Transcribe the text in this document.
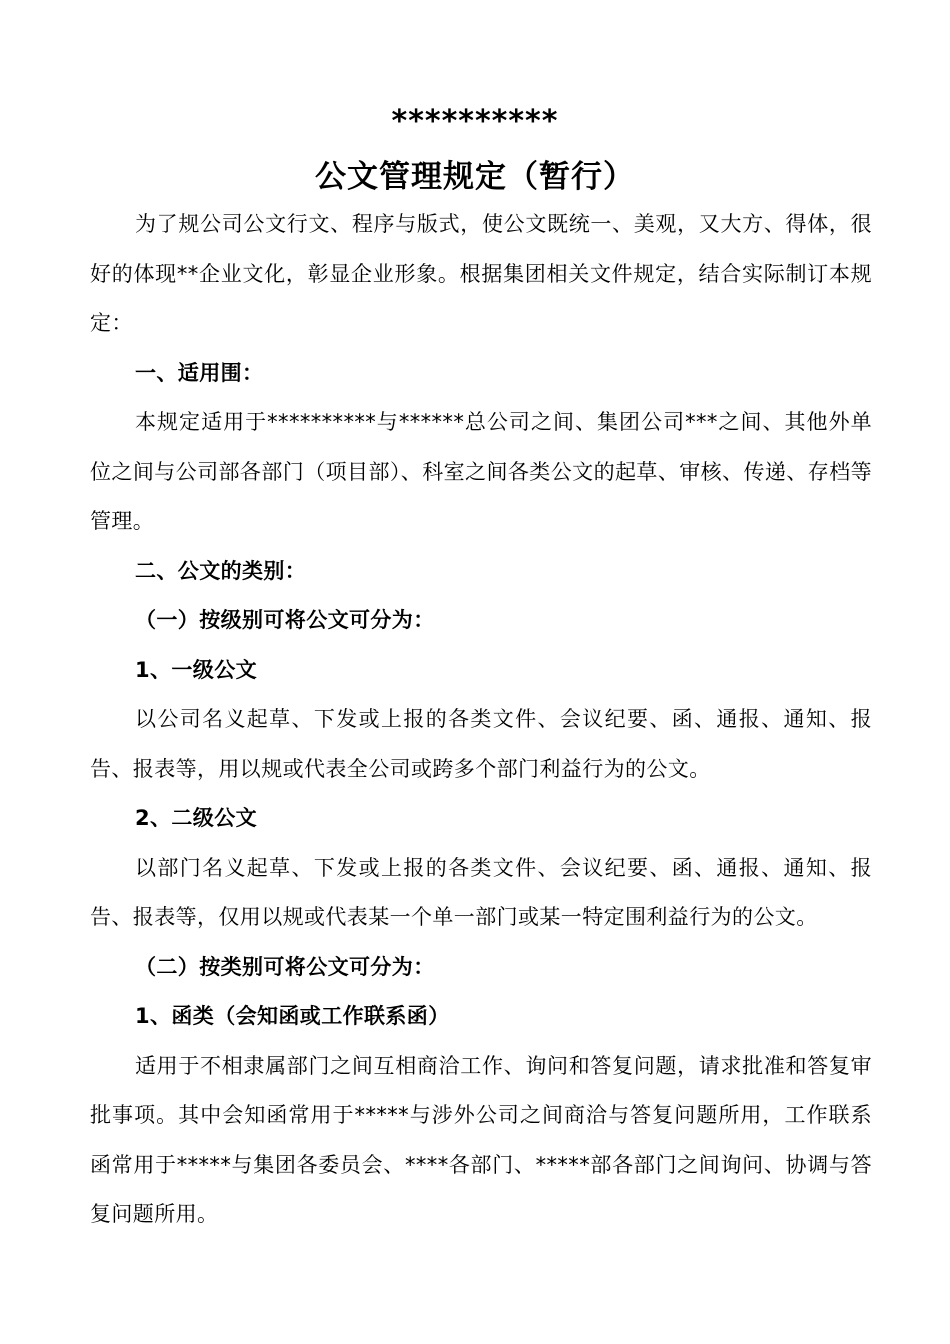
**********
公文管理规定（暂行）

为了规公司公文行文、程序与版式，使公文既统一、美观，又大方、得体，很好的体现**企业文化，彰显企业形象。根据集团相关文件规定，结合实际制订本规定：

一、适用围：

本规定适用于**********与******总公司之间、集团公司***之间、其他外单位之间与公司部各部门（项目部）、科室之间各类公文的起草、审核、传递、存档等管理。

二、公文的类别：

（一）按级别可将公文可分为：

1、一级公文

以公司名义起草、下发或上报的各类文件、会议纪要、函、通报、通知、报告、报表等，用以规或代表全公司或跨多个部门利益行为的公文。

2、二级公文

以部门名义起草、下发或上报的各类文件、会议纪要、函、通报、通知、报告、报表等，仅用以规或代表某一个单一部门或某一特定围利益行为的公文。

（二）按类别可将公文可分为：

1、函类（会知函或工作联系函）

适用于不相隶属部门之间互相商洽工作、询问和答复问题，请求批准和答复审批事项。其中会知函常用于*****与涉外公司之间商洽与答复问题所用，工作联系函常用于*****与集团各委员会、****各部门、*****部各部门之间询问、协调与答复问题所用。
